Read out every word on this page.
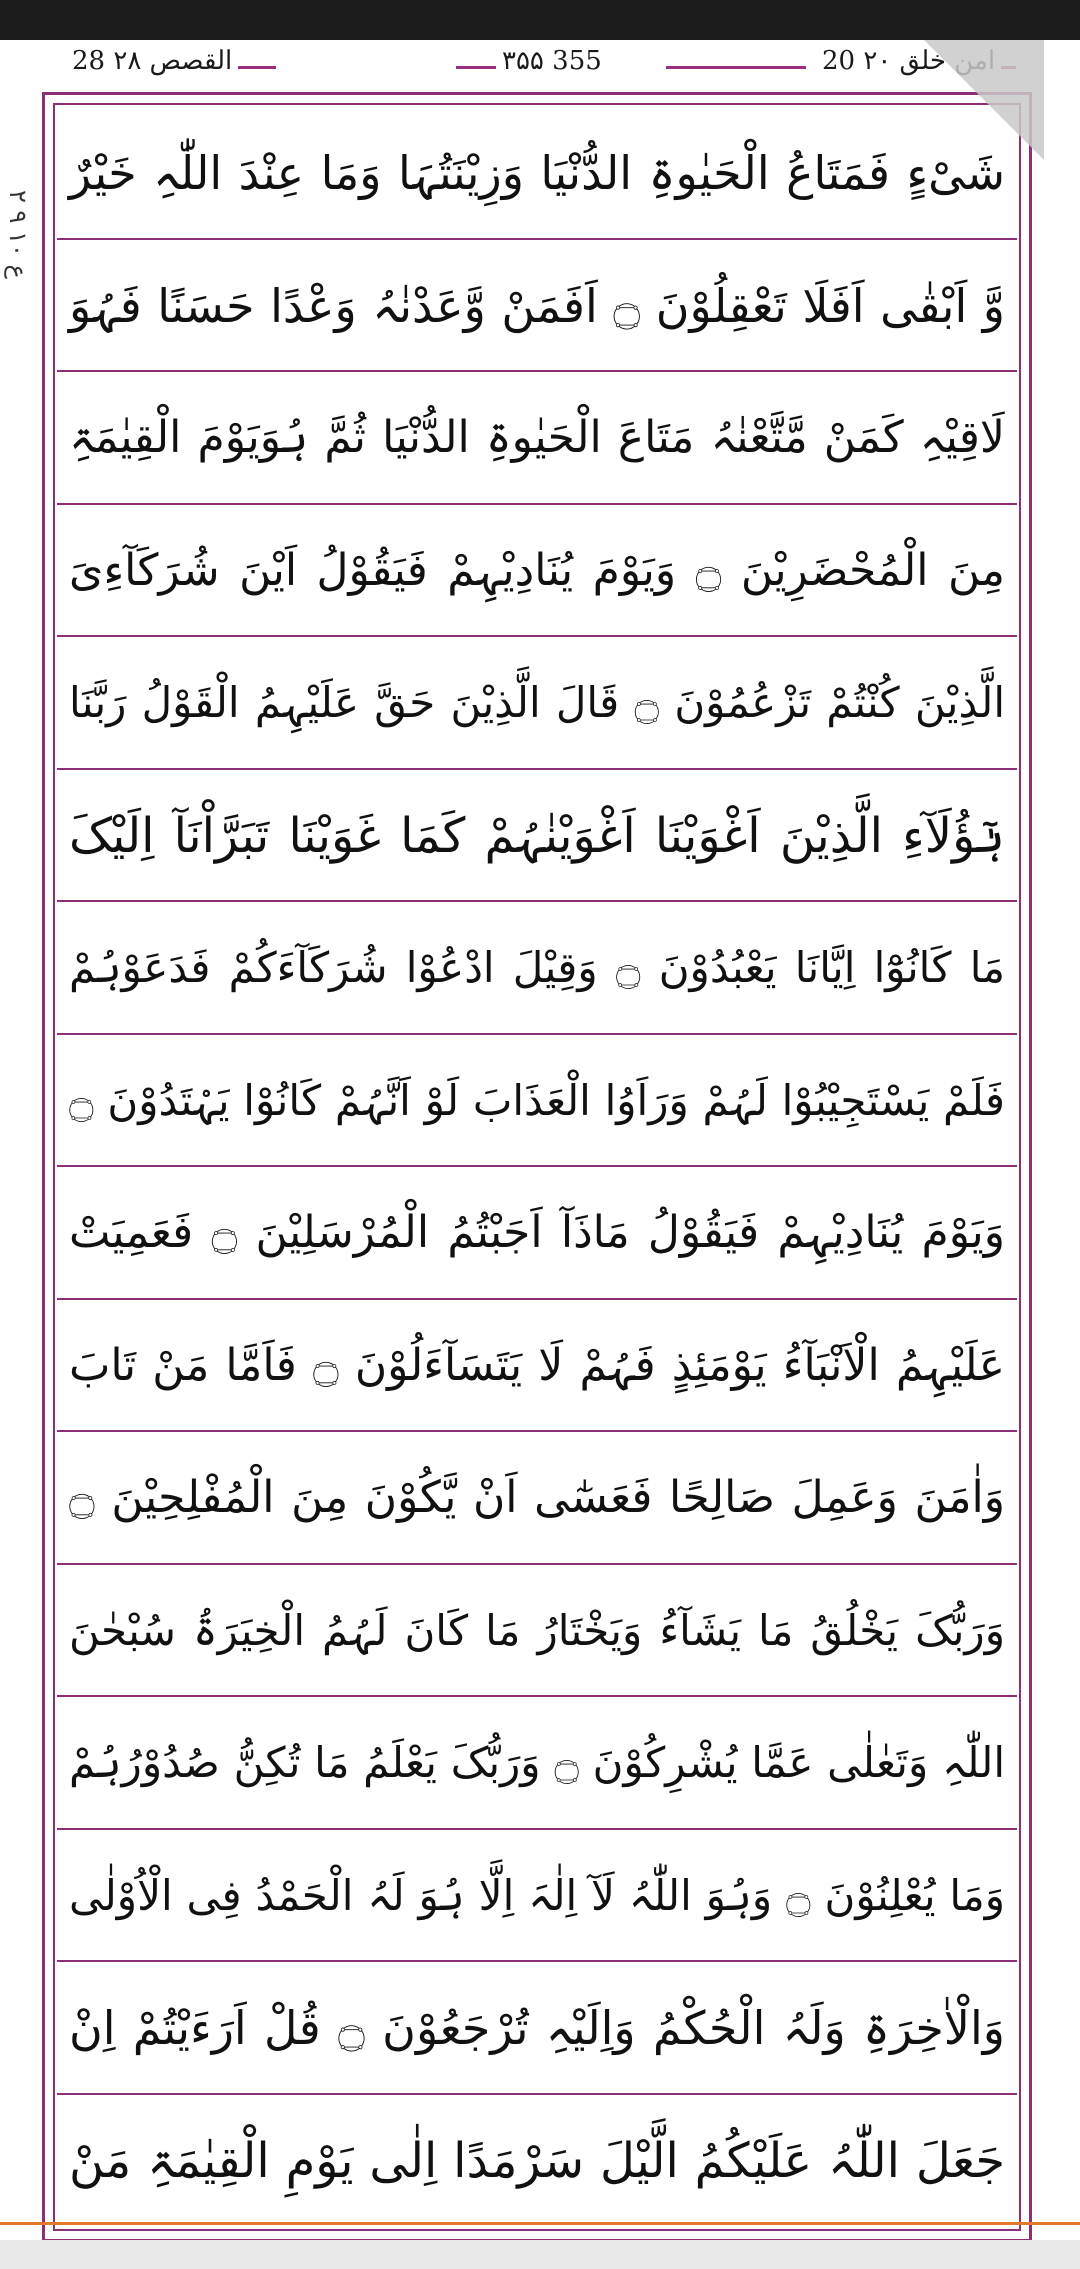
28 القصص ۲۸	۳۵۵ 355	20 امن خلق ۲۰
شَیْءٍ فَمَتَاعُ الْحَیٰوۃِ الدُّنْیَا وَزِیْنَتُہَا وَمَا عِنْدَ اللّٰہِ خَیْرٌ
وَّ اَبْقٰی اَفَلَا تَعْقِلُوْنَ ۝ اَفَمَنْ وَّعَدْنٰہُ وَعْدًا حَسَنًا فَہُوَ
لَاقِیْہِ کَمَنْ مَّتَّعْنٰہُ مَتَاعَ الْحَیٰوۃِ الدُّنْیَا ثُمَّ ہُوَیَوْمَ الْقِیٰمَۃِ
مِنَ الْمُحْضَرِیْنَ ۝ وَیَوْمَ یُنَادِیْہِمْ فَیَقُوْلُ اَیْنَ شُرَکَآءِیَ
الَّذِیْنَ کُنْتُمْ تَزْعُمُوْنَ ۝ قَالَ الَّذِیْنَ حَقَّ عَلَیْہِمُ الْقَوْلُ رَبَّنَا
ہٰٓؤُلَآءِ الَّذِیْنَ اَغْوَیْنَا اَغْوَیْنٰہُمْ کَمَا غَوَیْنَا تَبَرَّاْنَآ اِلَیْکَ
مَا کَانُوْٓا اِیَّانَا یَعْبُدُوْنَ ۝ وَقِیْلَ ادْعُوْا شُرَکَآءَکُمْ فَدَعَوْہُمْ
فَلَمْ یَسْتَجِیْبُوْا لَہُمْ وَرَاَوُا الْعَذَابَ لَوْ اَنَّہُمْ کَانُوْا یَہْتَدُوْنَ ۝
وَیَوْمَ یُنَادِیْہِمْ فَیَقُوْلُ مَاذَآ اَجَبْتُمُ الْمُرْسَلِیْنَ ۝ فَعَمِیَتْ
عَلَیْہِمُ الْاَنْبَآءُ یَوْمَئِذٍ فَہُمْ لَا یَتَسَآءَلُوْنَ ۝ فَاَمَّا مَنْ تَابَ
وَاٰمَنَ وَعَمِلَ صَالِحًا فَعَسٰٓی اَنْ یَّکُوْنَ مِنَ الْمُفْلِحِیْنَ ۝
وَرَبُّکَ یَخْلُقُ مَا یَشَآءُ وَیَخْتَارُ مَا کَانَ لَہُمُ الْخِیَرَۃُ سُبْحٰنَ
اللّٰہِ وَتَعٰلٰی عَمَّا یُشْرِکُوْنَ ۝ وَرَبُّکَ یَعْلَمُ مَا تُکِنُّ صُدُوْرُہُمْ
وَمَا یُعْلِنُوْنَ ۝ وَہُوَ اللّٰہُ لَآ اِلٰہَ اِلَّا ہُوَ لَہُ الْحَمْدُ فِی الْاُوْلٰی
وَالْاٰخِرَۃِ وَلَہُ الْحُکْمُ وَاِلَیْہِ تُرْجَعُوْنَ ۝ قُلْ اَرَءَیْتُمْ اِنْ
جَعَلَ اللّٰہُ عَلَیْکُمُ الَّیْلَ سَرْمَدًا اِلٰی یَوْمِ الْقِیٰمَۃِ مَنْ
۲ ع ۱۰ ۹
